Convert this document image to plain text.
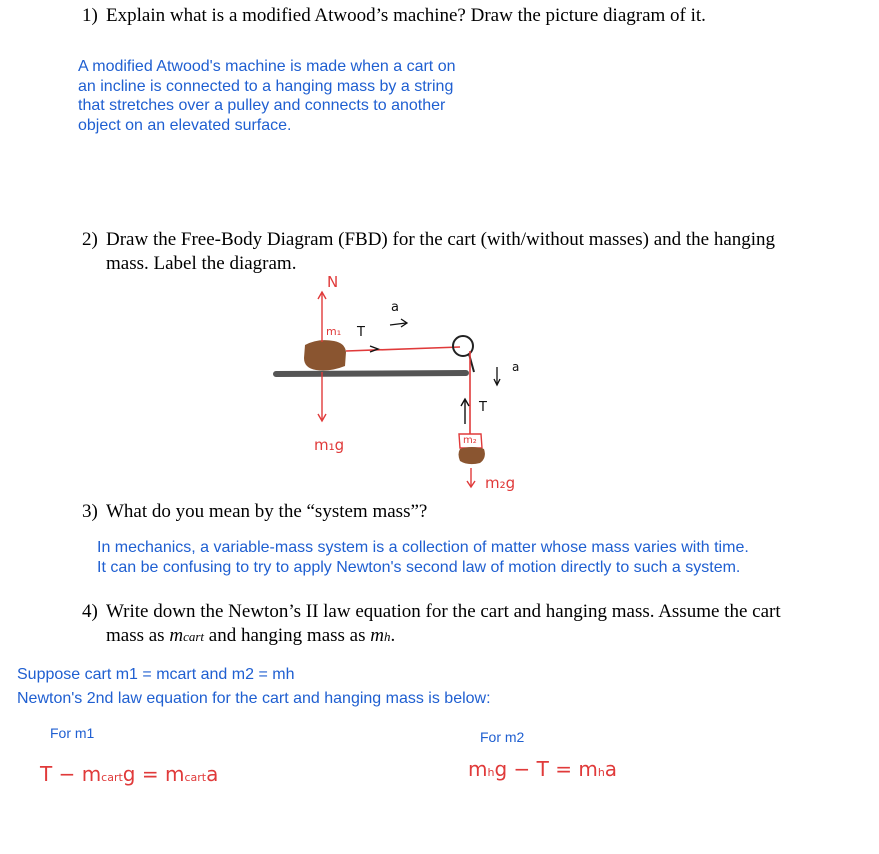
1) Explain what is a modified Atwood’s machine? Draw the picture diagram of it.
A modified Atwood's machine is made when a cart on
an incline is connected to a hanging mass by a string
that stretches over a pulley and connects to another
object on an elevated surface.
2) Draw the Free-Body Diagram (FBD) for the cart (with/without masses) and the hanging
mass. Label the diagram.
N
a
m₁ T
m₁g
a
T
m₂
m₂g
3) What do you mean by the “system mass”?
In mechanics, a variable-mass system is a collection of matter whose mass varies with time.
It can be confusing to try to apply Newton's second law of motion directly to such a system.
4) Write down the Newton’s II law equation for the cart and hanging mass. Assume the cart
mass as mcart and hanging mass as mh.
Suppose cart m1 = mcart and m2 = mh
Newton's 2nd law equation for the cart and hanging mass is below:
For m1	For m2
T − mcartg = mcarta	mhg − T = mha
